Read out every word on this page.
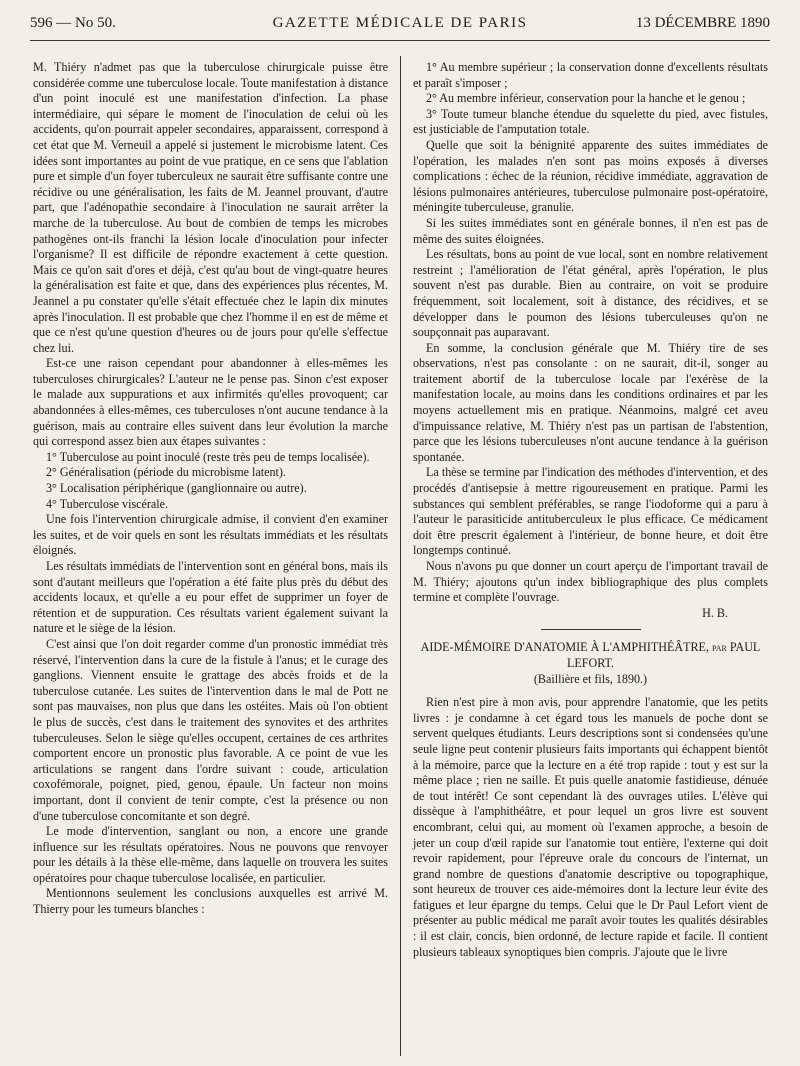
596 — No 50.	GAZETTE MÉDICALE DE PARIS	13 DÉCEMBRE 1890

M. Thiéry n'admet pas que la tuberculose chirurgicale puisse être considérée comme une tuberculose locale. Toute manifestation à distance d'un point inoculé est une manifestation d'infection. La phase intermédiaire, qui sépare le moment de l'inoculation de celui où les accidents, qu'on pourrait appeler secondaires, apparaissent, correspond à cet état que M. Verneuil a appelé si justement le microbisme latent. Ces idées sont importantes au point de vue pratique, en ce sens que l'ablation pure et simple d'un foyer tuberculeux ne saurait être suffisante contre une récidive ou une généralisation, les faits de M. Jeannel prouvant, d'autre part, que l'adénopathie secondaire à l'inoculation ne saurait arrêter la marche de la tuberculose. Au bout de combien de temps les microbes pathogènes ont-ils franchi la lésion locale d'inoculation pour infecter l'organisme? Il est difficile de répondre exactement à cette question. Mais ce qu'on sait d'ores et déjà, c'est qu'au bout de vingt-quatre heures la généralisation est faite et que, dans des expériences plus récentes, M. Jeannel a pu constater qu'elle s'était effectuée chez le lapin dix minutes après l'inoculation. Il est probable que chez l'homme il en est de même et que ce n'est qu'une question d'heures ou de jours pour qu'elle s'effectue chez lui.

Est-ce une raison cependant pour abandonner à elles-mêmes les tuberculoses chirurgicales? L'auteur ne le pense pas. Sinon c'est exposer le malade aux suppurations et aux infirmités qu'elles provoquent; car abandonnées à elles-mêmes, ces tuberculoses n'ont aucune tendance à la guérison, mais au contraire elles suivent dans leur évolution la marche qui correspond assez bien aux étapes suivantes :

1° Tuberculose au point inoculé (reste très peu de temps localisée).

2° Généralisation (période du microbisme latent).

3° Localisation périphérique (ganglionnaire ou autre).

4° Tuberculose viscérale.

Une fois l'intervention chirurgicale admise, il convient d'en examiner les suites, et de voir quels en sont les résultats immédiats et les résultats éloignés.

Les résultats immédiats de l'intervention sont en général bons, mais ils sont d'autant meilleurs que l'opération a été faite plus près du début des accidents locaux, et qu'elle a eu pour effet de supprimer un foyer de rétention et de suppuration. Ces résultats varient également suivant la nature et le siège de la lésion.

C'est ainsi que l'on doit regarder comme d'un pronostic immédiat très réservé, l'intervention dans la cure de la fistule à l'anus; et le curage des ganglions. Viennent ensuite le grattage des abcès froids et de la tuberculose cutanée. Les suites de l'intervention dans le mal de Pott ne sont pas mauvaises, non plus que dans les ostéites. Mais où l'on obtient le plus de succès, c'est dans le traitement des synovites et des arthrites tuberculeuses. Selon le siège qu'elles occupent, certaines de ces arthrites comportent encore un pronostic plus favorable. A ce point de vue les articulations se rangent dans l'ordre suivant : coude, articulation coxofémorale, poignet, pied, genou, épaule. Un facteur non moins important, dont il convient de tenir compte, c'est la présence ou non d'une tuberculose concomitante et son degré.

Le mode d'intervention, sanglant ou non, a encore une grande influence sur les résultats opératoires. Nous ne pouvons que renvoyer pour les détails à la thèse elle-même, dans laquelle on trouvera les suites opératoires pour chaque tuberculose localisée, en particulier.

Mentionnons seulement les conclusions auxquelles est arrivé M. Thierry pour les tumeurs blanches :

1° Au membre supérieur ; la conservation donne d'excellents résultats et paraît s'imposer ;

2° Au membre inférieur, conservation pour la hanche et le genou ;

3° Toute tumeur blanche étendue du squelette du pied, avec fistules, est justiciable de l'amputation totale.

Quelle que soit la bénignité apparente des suites immédiates de l'opération, les malades n'en sont pas moins exposés à diverses complications : échec de la réunion, récidive immédiate, aggravation de lésions pulmonaires antérieures, tuberculose pulmonaire post-opératoire, méningite tuberculeuse, granulie.

Si les suites immédiates sont en générale bonnes, il n'en est pas de même des suites éloignées.

Les résultats, bons au point de vue local, sont en nombre relativement restreint ; l'amélioration de l'état général, après l'opération, le plus souvent n'est pas durable. Bien au contraire, on voit se produire fréquemment, soit localement, soit à distance, des récidives, et se développer dans le poumon des lésions tuberculeuses qu'on ne soupçonnait pas auparavant.

En somme, la conclusion générale que M. Thiéry tire de ses observations, n'est pas consolante : on ne saurait, dit-il, songer au traitement abortif de la tuberculose locale par l'exérèse de la manifestation locale, au moins dans les conditions ordinaires et par les moyens actuellement mis en pratique. Néanmoins, malgré cet aveu d'impuissance relative, M. Thiéry n'est pas un partisan de l'abstention, parce que les lésions tuberculeuses n'ont aucune tendance à la guérison spontanée.

La thèse se termine par l'indication des méthodes d'intervention, et des procédés d'antisepsie à mettre rigoureusement en pratique. Parmi les substances qui semblent préférables, se range l'iodoforme qui a paru à l'auteur le parasiticide antituberculeux le plus efficace. Ce médicament doit être prescrit également à l'intérieur, de bonne heure, et doit être longtemps continué.

Nous n'avons pu que donner un court aperçu de l'important travail de M. Thiéry; ajoutons qu'un index bibliographique des plus complets termine et complète l'ouvrage.

H. B.

AIDE-MÉMOIRE D'ANATOMIE À L'AMPHITHÉÂTRE, par PAUL LEFORT.
(Baillière et fils, 1890.)

Rien n'est pire à mon avis, pour apprendre l'anatomie, que les petits livres : je condamne à cet égard tous les manuels de poche dont se servent quelques étudiants. Leurs descriptions sont si condensées qu'une seule ligne peut contenir plusieurs faits importants qui échappent bientôt à la mémoire, parce que la lecture en a été trop rapide : tout y est sur la même place ; rien ne saille. Et puis quelle anatomie fastidieuse, dénuée de tout intérêt! Ce sont cependant là des ouvrages utiles. L'élève qui dissèque à l'amphithéâtre, et pour lequel un gros livre est souvent encombrant, celui qui, au moment où l'examen approche, a besoin de jeter un coup d'œil rapide sur l'anatomie tout entière, l'externe qui doit revoir rapidement, pour l'épreuve orale du concours de l'internat, un grand nombre de questions d'anatomie descriptive ou topographique, sont heureux de trouver ces aide-mémoires dont la lecture leur évite des fatigues et leur épargne du temps. Celui que le Dr Paul Lefort vient de présenter au public médical me paraît avoir toutes les qualités désirables : il est clair, concis, bien ordonné, de lecture rapide et facile. Il contient plusieurs tableaux synoptiques bien compris. J'ajoute que le livre
